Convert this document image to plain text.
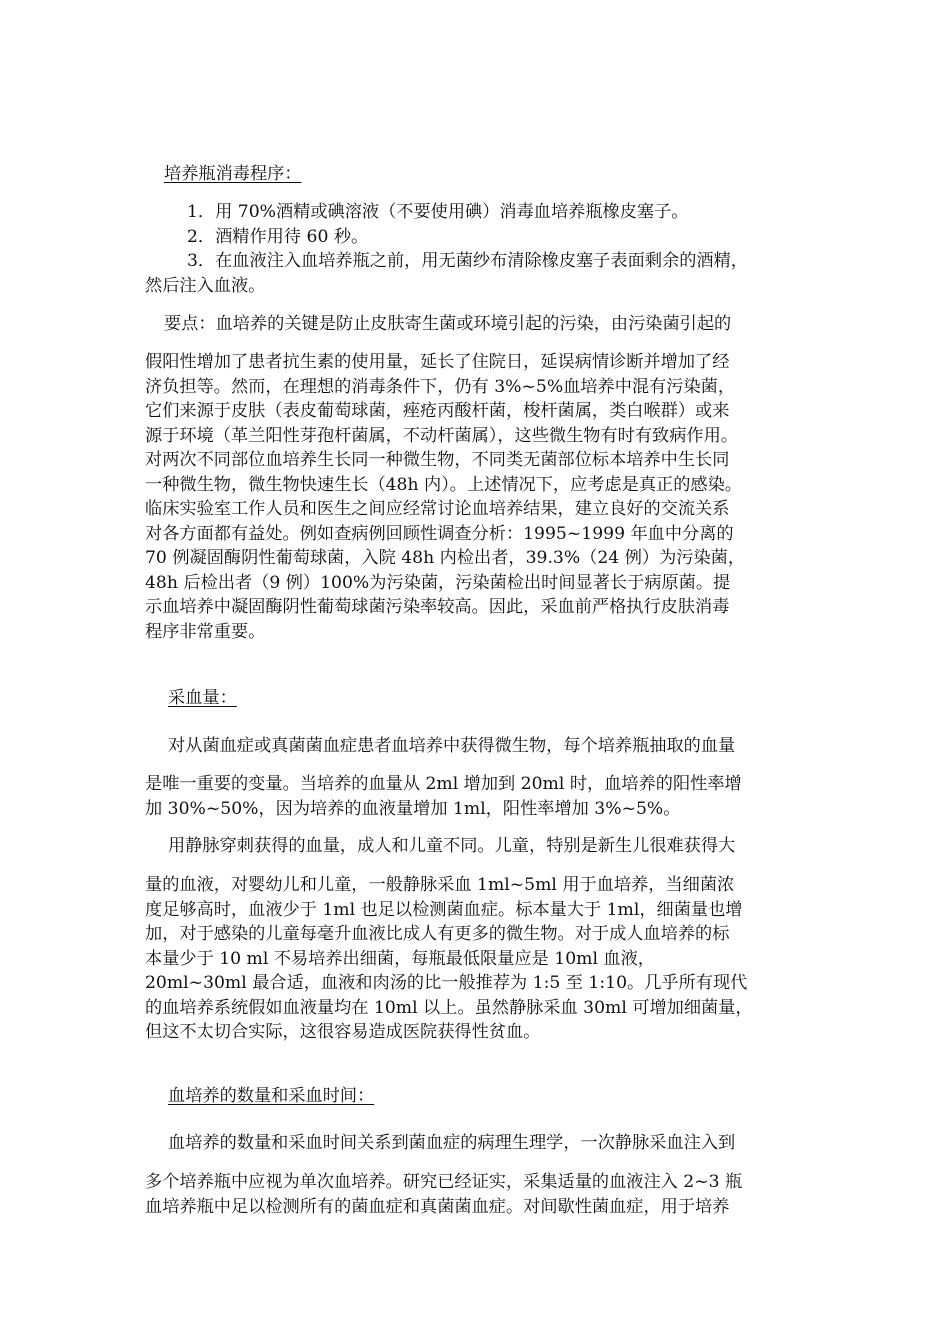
培养瓶消毒程序：
1．用 70%酒精或碘溶液（不要使用碘）消毒血培养瓶橡皮塞子。
2．酒精作用待 60 秒。
3．在血液注入血培养瓶之前，用无菌纱布清除橡皮塞子表面剩余的酒精，
然后注入血液。
要点：血培养的关键是防止皮肤寄生菌或环境引起的污染，由污染菌引起的
假阳性增加了患者抗生素的使用量，延长了住院日，延误病情诊断并增加了经
济负担等。然而，在理想的消毒条件下，仍有 3%~5%血培养中混有污染菌，
它们来源于皮肤（表皮葡萄球菌，痤疮丙酸杆菌，梭杆菌属，类白喉群）或来
源于环境（革兰阳性芽孢杆菌属，不动杆菌属），这些微生物有时有致病作用。
对两次不同部位血培养生长同一种微生物，不同类无菌部位标本培养中生长同
一种微生物，微生物快速生长（48h 内）。上述情况下，应考虑是真正的感染。
临床实验室工作人员和医生之间应经常讨论血培养结果，建立良好的交流关系
对各方面都有益处。例如查病例回顾性调查分析：1995~1999 年血中分离的
70 例凝固酶阴性葡萄球菌，入院 48h 内检出者，39.3%（24 例）为污染菌，
48h 后检出者（9 例）100%为污染菌，污染菌检出时间显著长于病原菌。提
示血培养中凝固酶阴性葡萄球菌污染率较高。因此，采血前严格执行皮肤消毒
程序非常重要。
采血量：
对从菌血症或真菌菌血症患者血培养中获得微生物，每个培养瓶抽取的血量
是唯一重要的变量。当培养的血量从 2ml 增加到 20ml 时，血培养的阳性率增
加 30%~50%，因为培养的血液量增加 1ml，阳性率增加 3%~5%。
用静脉穿刺获得的血量，成人和儿童不同。儿童，特别是新生儿很难获得大
量的血液，对婴幼儿和儿童，一般静脉采血 1ml~5ml 用于血培养，当细菌浓
度足够高时，血液少于 1ml 也足以检测菌血症。标本量大于 1ml，细菌量也增
加，对于感染的儿童每毫升血液比成人有更多的微生物。对于成人血培养的标
本量少于 10 ml 不易培养出细菌，每瓶最低限量应是 10ml 血液，
20ml~30ml 最合适，血液和肉汤的比一般推荐为 1:5 至 1:10。几乎所有现代
的血培养系统假如血液量均在 10ml 以上。虽然静脉采血 30ml 可增加细菌量，
但这不太切合实际，这很容易造成医院获得性贫血。
血培养的数量和采血时间：
血培养的数量和采血时间关系到菌血症的病理生理学，一次静脉采血注入到
多个培养瓶中应视为单次血培养。研究已经证实，采集适量的血液注入 2~3 瓶
血培养瓶中足以检测所有的菌血症和真菌菌血症。对间歇性菌血症，用于培养
